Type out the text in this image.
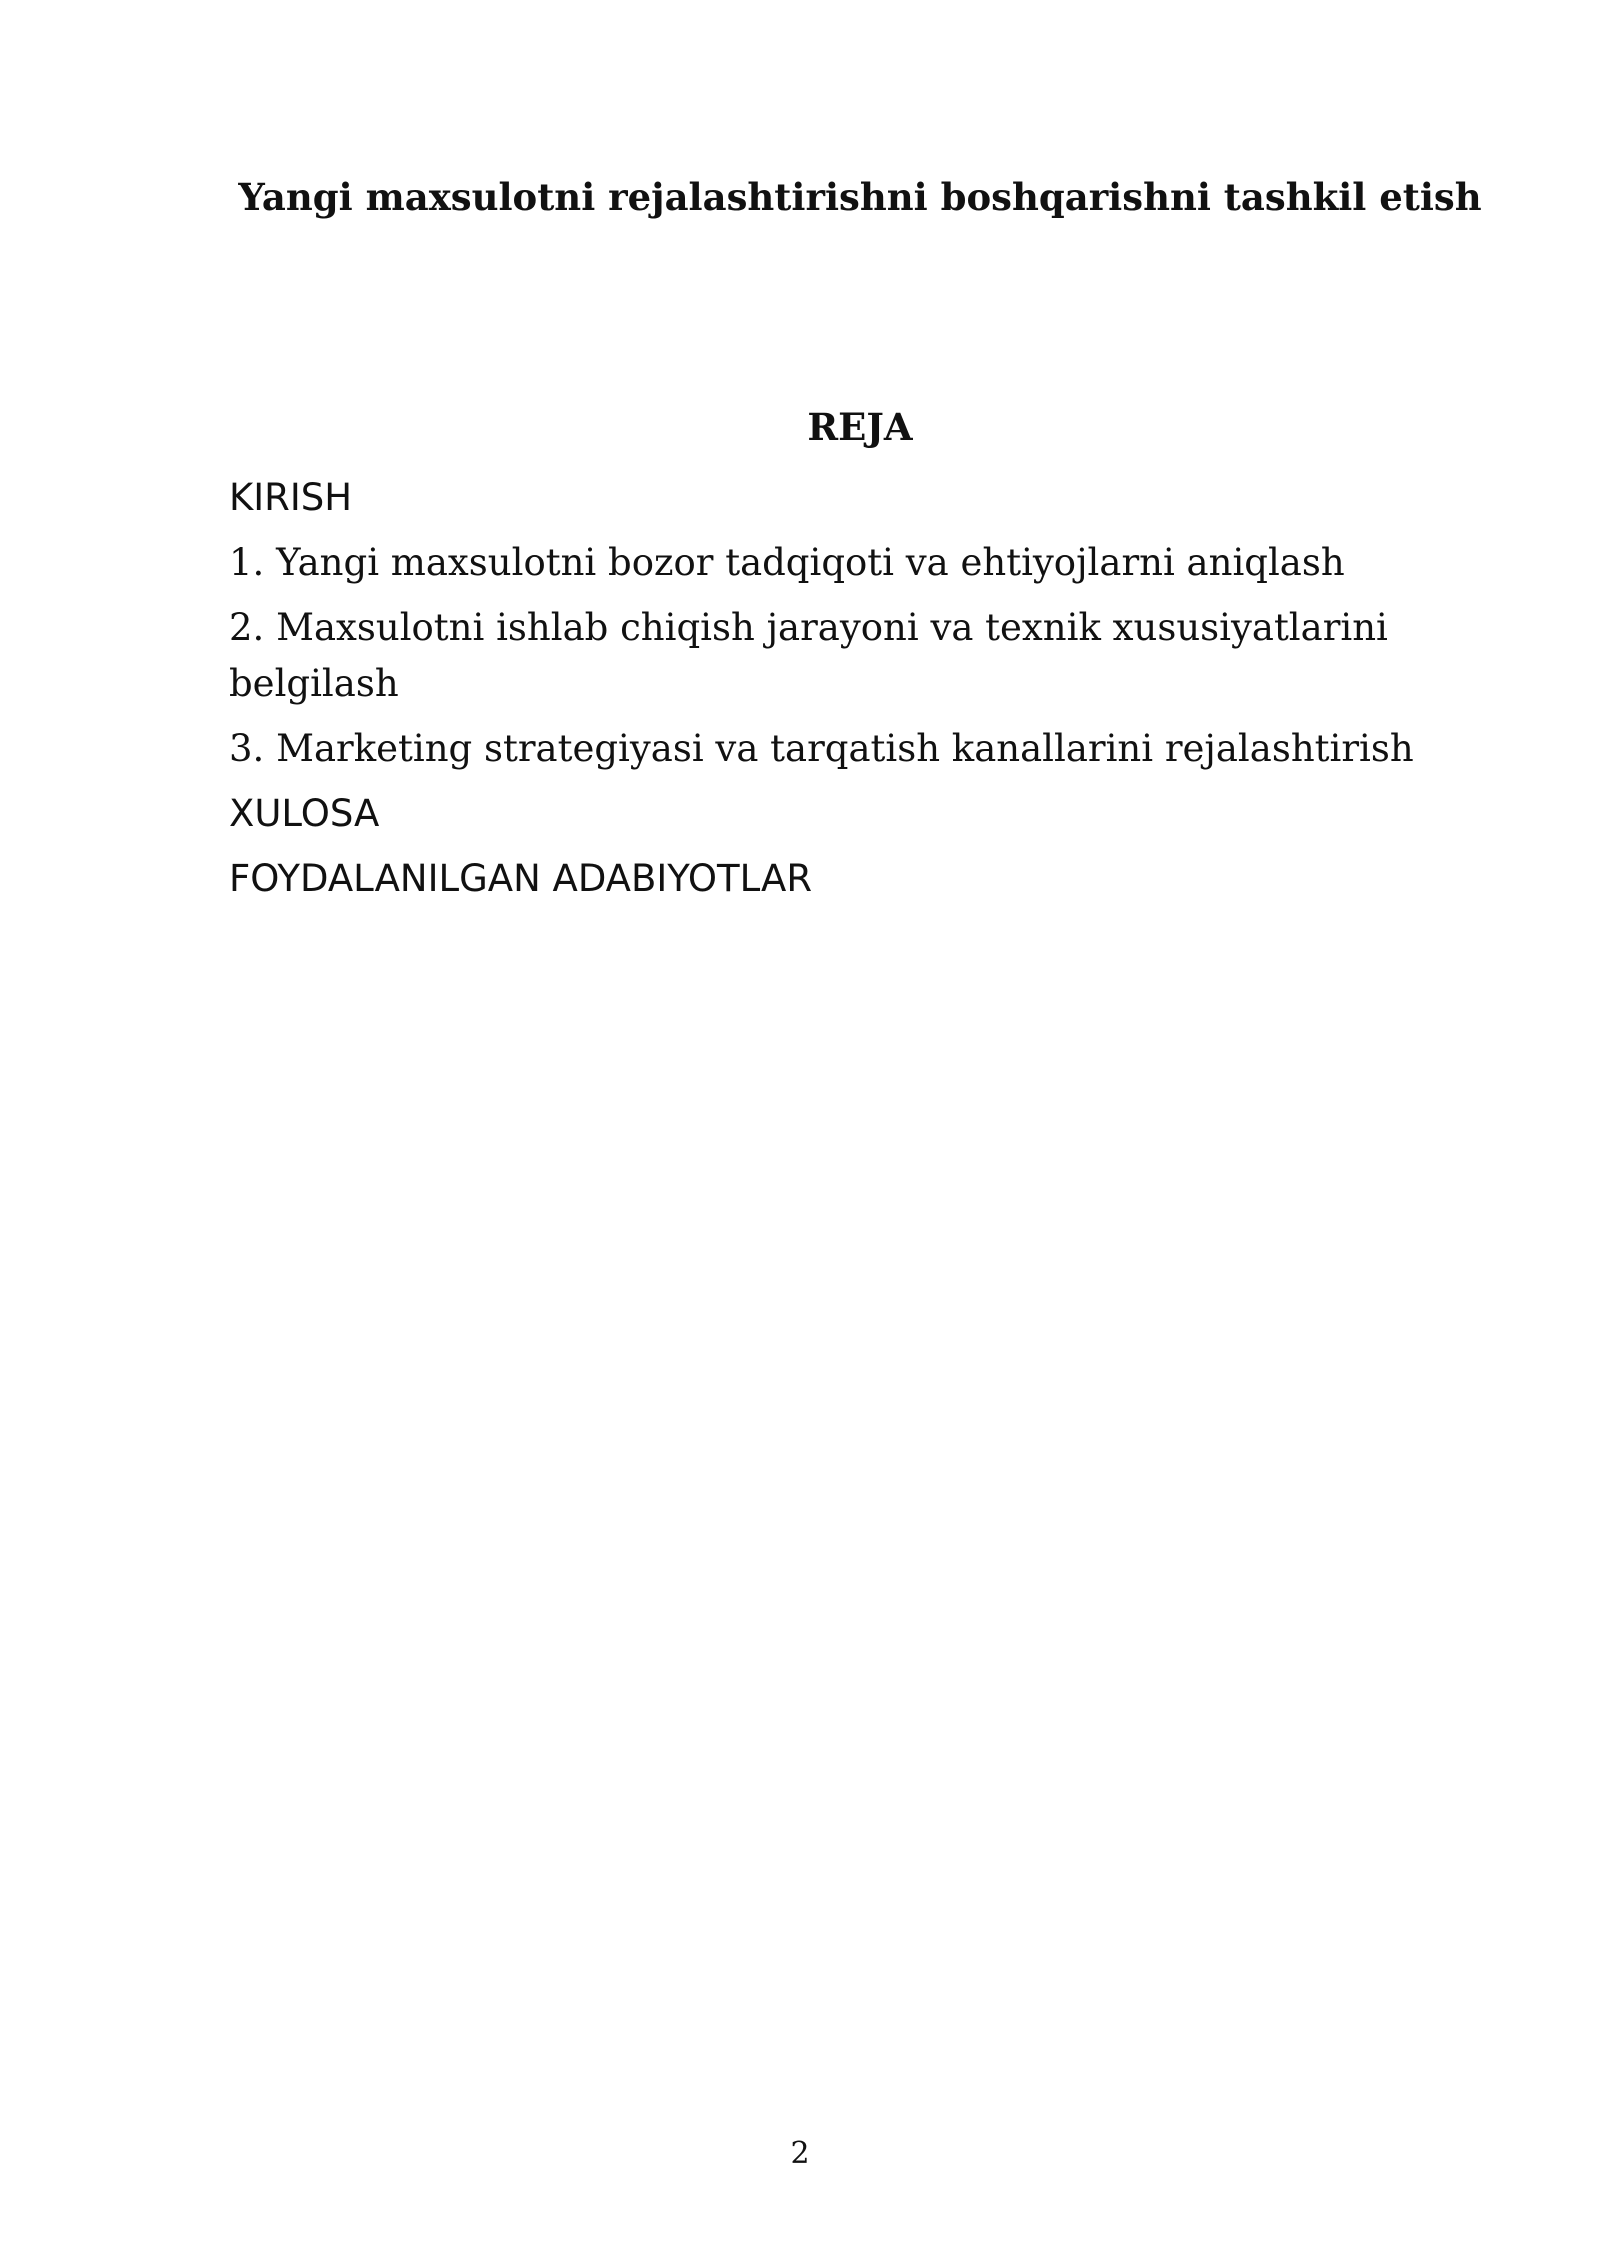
Yangi maxsulotni rejalashtirishni boshqarishni tashkil etish
REJA
KIRISH
1. Yangi maxsulotni bozor tadqiqoti va ehtiyojlarni aniqlash
2. Maxsulotni ishlab chiqish jarayoni va texnik xususiyatlarini belgilash
3. Marketing strategiyasi va tarqatish kanallarini rejalashtirish
XULOSA
FOYDALANILGAN ADABIYOTLAR
2
